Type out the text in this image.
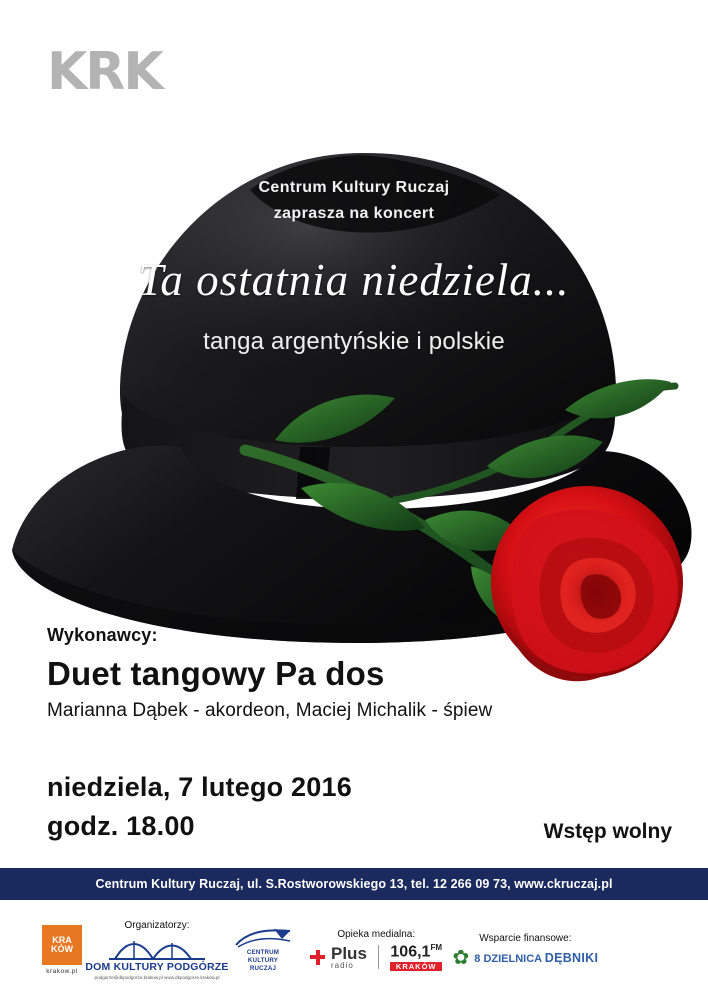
KRK
Centrum Kultury Ruczaj
zaprasza na koncert
Ta ostatnia niedziela...
tanga argentyńskie i polskie
Wykonawcy:
Duet tangowy Pa dos
Marianna Dąbek - akordeon, Maciej Michalik - śpiew
niedziela, 7 lutego 2016
godz. 18.00	Wstęp wolny
Centrum Kultury Ruczaj, ul. S.Rostworowskiego 13, tel. 12 266 09 73, www.ckruczaj.pl
KRA
KÓW
krakow.pl
Organizatorzy:
DOM KULTURY PODGÓRZE
podgorze@dkpodgorze.krakow.pl www.dkpodgorze.krakow.pl
CENTRUM
KULTURY
RUCZAJ
Opieka medialna:
Plus
radio
$106,1^{FM}$
KRAKÓW
Wsparcie finansowe:
✿ 8 DZIELNICA DĘBNIKI
